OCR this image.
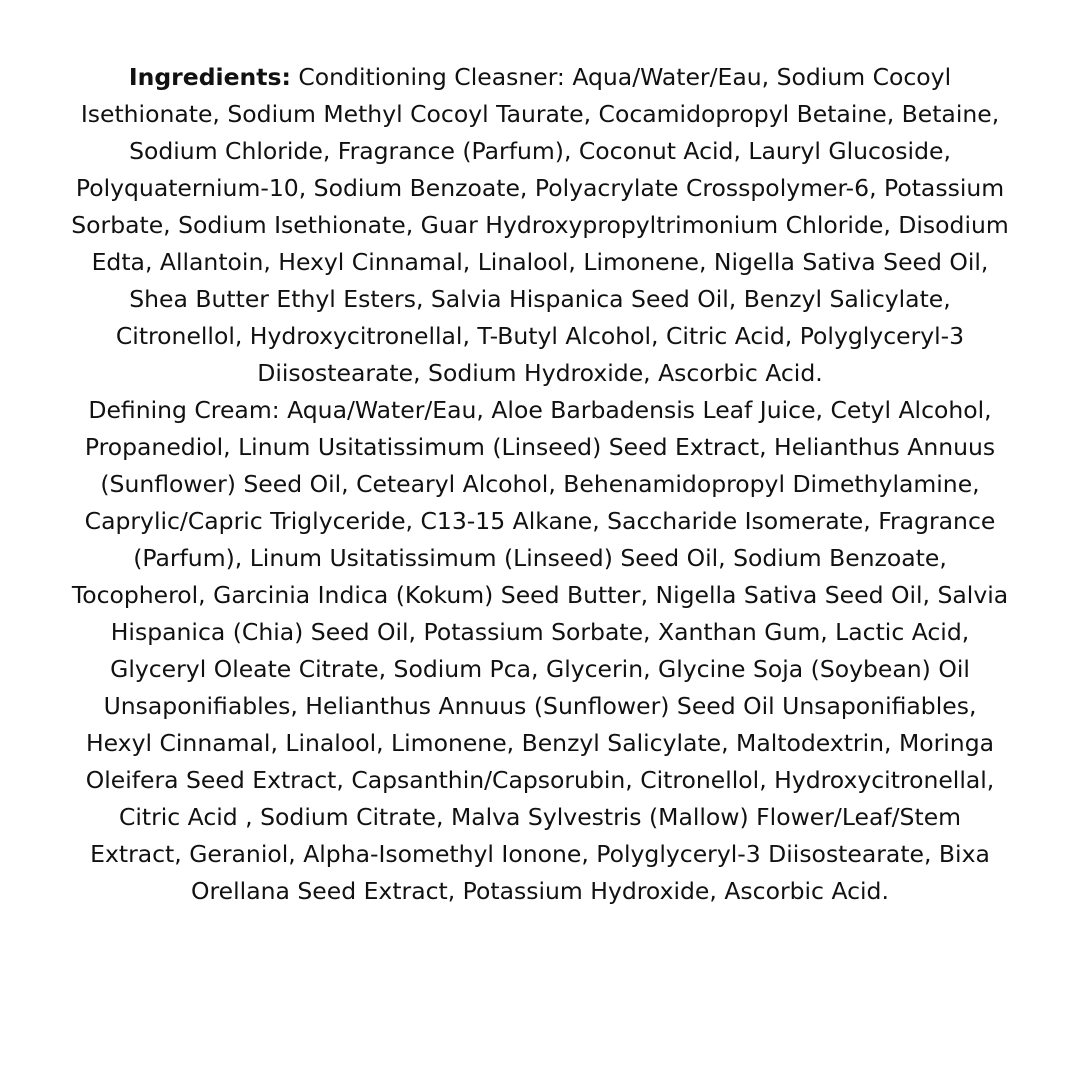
Ingredients: Conditioning Cleasner: Aqua/Water/Eau, Sodium Cocoyl Isethionate, Sodium Methyl Cocoyl Taurate, Cocamidopropyl Betaine, Betaine, Sodium Chloride, Fragrance (Parfum), Coconut Acid, Lauryl Glucoside, Polyquaternium-10, Sodium Benzoate, Polyacrylate Crosspolymer-6, Potassium Sorbate, Sodium Isethionate, Guar Hydroxypropyltrimonium Chloride, Disodium Edta, Allantoin, Hexyl Cinnamal, Linalool, Limonene, Nigella Sativa Seed Oil, Shea Butter Ethyl Esters, Salvia Hispanica Seed Oil, Benzyl Salicylate, Citronellol, Hydroxycitronellal, T-Butyl Alcohol, Citric Acid, Polyglyceryl-3 Diisostearate, Sodium Hydroxide, Ascorbic Acid.

Defining Cream: Aqua/Water/Eau, Aloe Barbadensis Leaf Juice, Cetyl Alcohol, Propanediol, Linum Usitatissimum (Linseed) Seed Extract, Helianthus Annuus (Sunflower) Seed Oil, Cetearyl Alcohol, Behenamidopropyl Dimethylamine, Caprylic/Capric Triglyceride, C13-15 Alkane, Saccharide Isomerate, Fragrance (Parfum), Linum Usitatissimum (Linseed) Seed Oil, Sodium Benzoate, Tocopherol, Garcinia Indica (Kokum) Seed Butter, Nigella Sativa Seed Oil, Salvia Hispanica (Chia) Seed Oil, Potassium Sorbate, Xanthan Gum, Lactic Acid, Glyceryl Oleate Citrate, Sodium Pca, Glycerin, Glycine Soja (Soybean) Oil Unsaponifiables, Helianthus Annuus (Sunflower) Seed Oil Unsaponifiables, Hexyl Cinnamal, Linalool, Limonene, Benzyl Salicylate, Maltodextrin, Moringa Oleifera Seed Extract, Capsanthin/Capsorubin, Citronellol, Hydroxycitronellal, Citric Acid , Sodium Citrate, Malva Sylvestris (Mallow) Flower/Leaf/Stem Extract, Geraniol, Alpha-Isomethyl Ionone, Polyglyceryl-3 Diisostearate, Bixa Orellana Seed Extract, Potassium Hydroxide, Ascorbic Acid.
